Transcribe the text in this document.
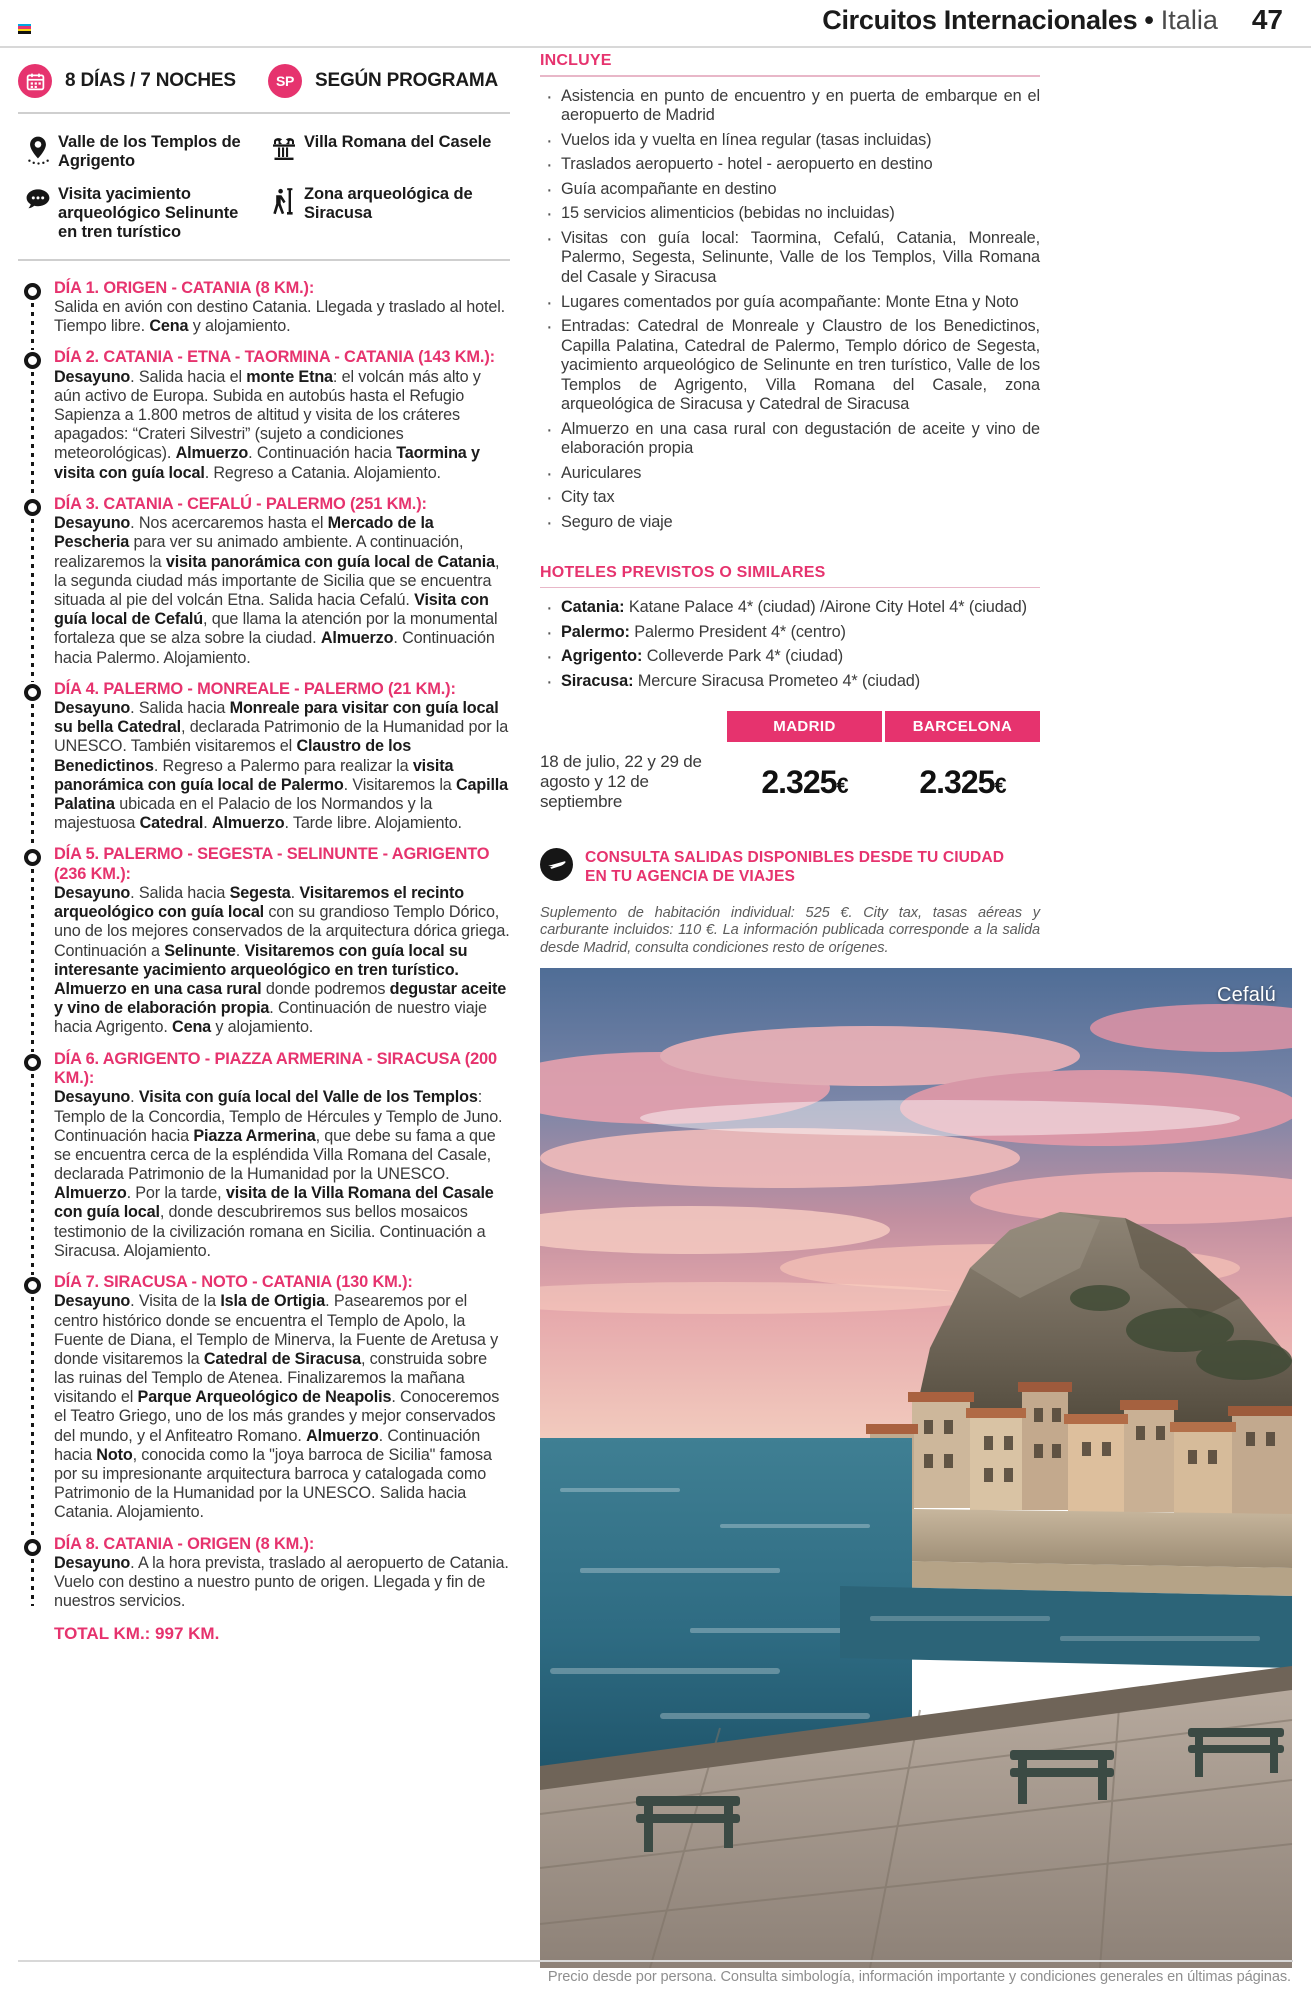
Circuitos Internacionales • Italia 47
8 DÍAS / 7 NOCHES	SP SEGÚN PROGRAMA
Valle de los Templos de Agrigento
Villa Romana del Casele
Visita yacimiento arqueológico Selinunte en tren turístico
Zona arqueológica de Siracusa
DÍA 1. ORIGEN - CATANIA (8 KM.):
Salida en avión con destino Catania. Llegada y traslado al hotel. Tiempo libre. Cena y alojamiento.
DÍA 2. CATANIA - ETNA - TAORMINA - CATANIA (143 KM.):
Desayuno. Salida hacia el monte Etna: el volcán más alto y aún activo de Europa. Subida en autobús hasta el Refugio Sapienza a 1.800 metros de altitud y visita de los cráteres apagados: “Crateri Silvestri” (sujeto a condiciones meteorológicas). Almuerzo. Continuación hacia Taormina y visita con guía local. Regreso a Catania. Alojamiento.
DÍA 3. CATANIA - CEFALÚ - PALERMO (251 KM.):
Desayuno. Nos acercaremos hasta el Mercado de la Pescheria para ver su animado ambiente. A continuación, realizaremos la visita panorámica con guía local de Catania, la segunda ciudad más importante de Sicilia que se encuentra situada al pie del volcán Etna. Salida hacia Cefalú. Visita con guía local de Cefalú, que llama la atención por la monumental fortaleza que se alza sobre la ciudad. Almuerzo. Continuación hacia Palermo. Alojamiento.
DÍA 4. PALERMO - MONREALE - PALERMO (21 KM.):
Desayuno. Salida hacia Monreale para visitar con guía local su bella Catedral, declarada Patrimonio de la Humanidad por la UNESCO. También visitaremos el Claustro de los Benedictinos. Regreso a Palermo para realizar la visita panorámica con guía local de Palermo. Visitaremos la Capilla Palatina ubicada en el Palacio de los Normandos y la majestuosa Catedral. Almuerzo. Tarde libre. Alojamiento.
DÍA 5. PALERMO - SEGESTA - SELINUNTE - AGRIGENTO (236 KM.):
Desayuno. Salida hacia Segesta. Visitaremos el recinto arqueológico con guía local con su grandioso Templo Dórico, uno de los mejores conservados de la arquitectura dórica griega. Continuación a Selinunte. Visitaremos con guía local su interesante yacimiento arqueológico en tren turístico. Almuerzo en una casa rural donde podremos degustar aceite y vino de elaboración propia. Continuación de nuestro viaje hacia Agrigento. Cena y alojamiento.
DÍA 6. AGRIGENTO - PIAZZA ARMERINA - SIRACUSA (200 KM.):
Desayuno. Visita con guía local del Valle de los Templos: Templo de la Concordia, Templo de Hércules y Templo de Juno. Continuación hacia Piazza Armerina, que debe su fama a que se encuentra cerca de la espléndida Villa Romana del Casale, declarada Patrimonio de la Humanidad por la UNESCO. Almuerzo. Por la tarde, visita de la Villa Romana del Casale con guía local, donde descubriremos sus bellos mosaicos testimonio de la civilización romana en Sicilia. Continuación a Siracusa. Alojamiento.
DÍA 7. SIRACUSA - NOTO - CATANIA (130 KM.):
Desayuno. Visita de la Isla de Ortigia. Pasearemos por el centro histórico donde se encuentra el Templo de Apolo, la Fuente de Diana, el Templo de Minerva, la Fuente de Aretusa y donde visitaremos la Catedral de Siracusa, construida sobre las ruinas del Templo de Atenea. Finalizaremos la mañana visitando el Parque Arqueológico de Neapolis. Conoceremos el Teatro Griego, uno de los más grandes y mejor conservados del mundo, y el Anfiteatro Romano. Almuerzo. Continuación hacia Noto, conocida como la "joya barroca de Sicilia" famosa por su impresionante arquitectura barroca y catalogada como Patrimonio de la Humanidad por la UNESCO. Salida hacia Catania. Alojamiento.
DÍA 8. CATANIA - ORIGEN (8 KM.):
Desayuno. A la hora prevista, traslado al aeropuerto de Catania. Vuelo con destino a nuestro punto de origen. Llegada y fin de nuestros servicios.
TOTAL KM.: 997 KM.
INCLUYE
· Asistencia en punto de encuentro y en puerta de embarque en el aeropuerto de Madrid
· Vuelos ida y vuelta en línea regular (tasas incluidas)
· Traslados aeropuerto - hotel - aeropuerto en destino
· Guía acompañante en destino
· 15 servicios alimenticios (bebidas no incluidas)
· Visitas con guía local: Taormina, Cefalú, Catania, Monreale, Palermo, Segesta, Selinunte, Valle de los Templos, Villa Romana del Casale y Siracusa
· Lugares comentados por guía acompañante: Monte Etna y Noto
· Entradas: Catedral de Monreale y Claustro de los Benedictinos, Capilla Palatina, Catedral de Palermo, Templo dórico de Segesta, yacimiento arqueológico de Selinunte en tren turístico, Valle de los Templos de Agrigento, Villa Romana del Casale, zona arqueológica de Siracusa y Catedral de Siracusa
· Almuerzo en una casa rural con degustación de aceite y vino de elaboración propia
· Auriculares
· City tax
· Seguro de viaje
HOTELES PREVISTOS O SIMILARES
· Catania: Katane Palace 4* (ciudad) /Airone City Hotel 4* (ciudad)
· Palermo: Palermo President 4* (centro)
· Agrigento: Colleverde Park 4* (ciudad)
· Siracusa: Mercure Siracusa Prometeo 4* (ciudad)
MADRID	BARCELONA
18 de julio, 22 y 29 de agosto y 12 de septiembre
2.325€	2.325€
CONSULTA SALIDAS DISPONIBLES DESDE TU CIUDAD
EN TU AGENCIA DE VIAJES
Suplemento de habitación individual: 525 €. City tax, tasas aéreas y carburante incluidos: 110 €. La información publicada corresponde a la salida desde Madrid, consulta condiciones resto de orígenes.
Cefalú
Precio desde por persona. Consulta simbología, información importante y condiciones generales en últimas páginas.
